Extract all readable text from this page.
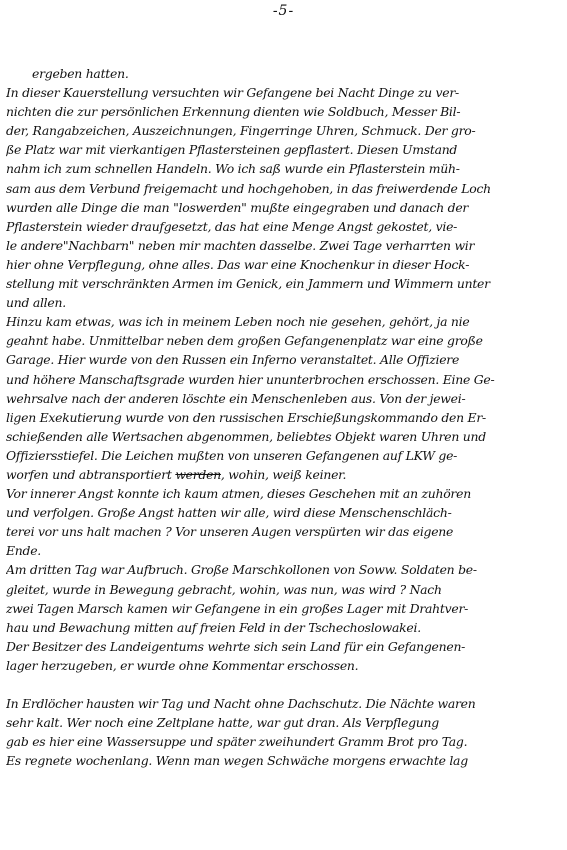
-5-
ergeben hatten.
In dieser Kauerstellung versuchten wir Gefangene bei Nacht Dinge zu ver-
nichten die zur persönlichen Erkennung dienten wie Soldbuch, Messer Bil-
der, Rangabzeichen, Auszeichnungen, Fingerringe Uhren, Schmuck. Der gro-
ße Platz war mit vierkantigen Pflastersteinen gepflastert. Diesen Umstand
nahm ich zum schnellen Handeln. Wo ich saß wurde ein Pflasterstein müh-
sam aus dem Verbund freigemacht und hochgehoben, in das freiwerdende Loch
wurden alle Dinge die man "loswerden" mußte eingegraben und danach der
Pflasterstein wieder draufgesetzt, das hat eine Menge Angst gekostet, vie-
le andere"Nachbarn" neben mir machten dasselbe. Zwei Tage verharrten wir
hier ohne Verpflegung, ohne alles. Das war eine Knochenkur in dieser Hock-
stellung mit verschränkten Armen im Genick, ein Jammern und Wimmern unter
und allen.
Hinzu kam etwas, was ich in meinem Leben noch nie gesehen, gehört, ja nie
geahnt habe. Unmittelbar neben dem großen Gefangenenplatz war eine große
Garage. Hier wurde von den Russen ein Inferno veranstaltet. Alle Offiziere
und höhere Manschaftsgrade wurden hier ununterbrochen erschossen. Eine Ge-
wehrsalve nach der anderen löschte ein Menschenleben aus. Von der jewei-
ligen Exekutierung wurde von den russischen Erschießungskommando den Er-
schießenden alle Wertsachen abgenommen, beliebtes Objekt waren Uhren und
Offiziersstiefel. Die Leichen mußten von unseren Gefangenen auf LKW ge-
worfen und abtransportiert werden, wohin, weiß keiner.
Vor innerer Angst konnte ich kaum atmen, dieses Geschehen mit an zuhören
und verfolgen. Große Angst hatten wir alle, wird diese Menschenschläch-
terei vor uns halt machen ? Vor unseren Augen verspürten wir das eigene
Ende.
Am dritten Tag war Aufbruch. Große Marschkollonen von Soww. Soldaten be-
gleitet, wurde in Bewegung gebracht, wohin, was nun, was wird ? Nach
zwei Tagen Marsch kamen wir Gefangene in ein großes Lager mit Drahtver-
hau und Bewachung mitten auf freien Feld in der Tschechoslowakei.
Der Besitzer des Landeigentums wehrte sich sein Land für ein Gefangenen-
lager herzugeben, er wurde ohne Kommentar erschossen.
In Erdlöcher hausten wir Tag und Nacht ohne Dachschutz. Die Nächte waren
sehr kalt. Wer noch eine Zeltplane hatte, war gut dran. Als Verpflegung
gab es hier eine Wassersuppe und später zweihundert Gramm Brot pro Tag.
Es regnete wochenlang. Wenn man wegen Schwäche morgens erwachte lag
